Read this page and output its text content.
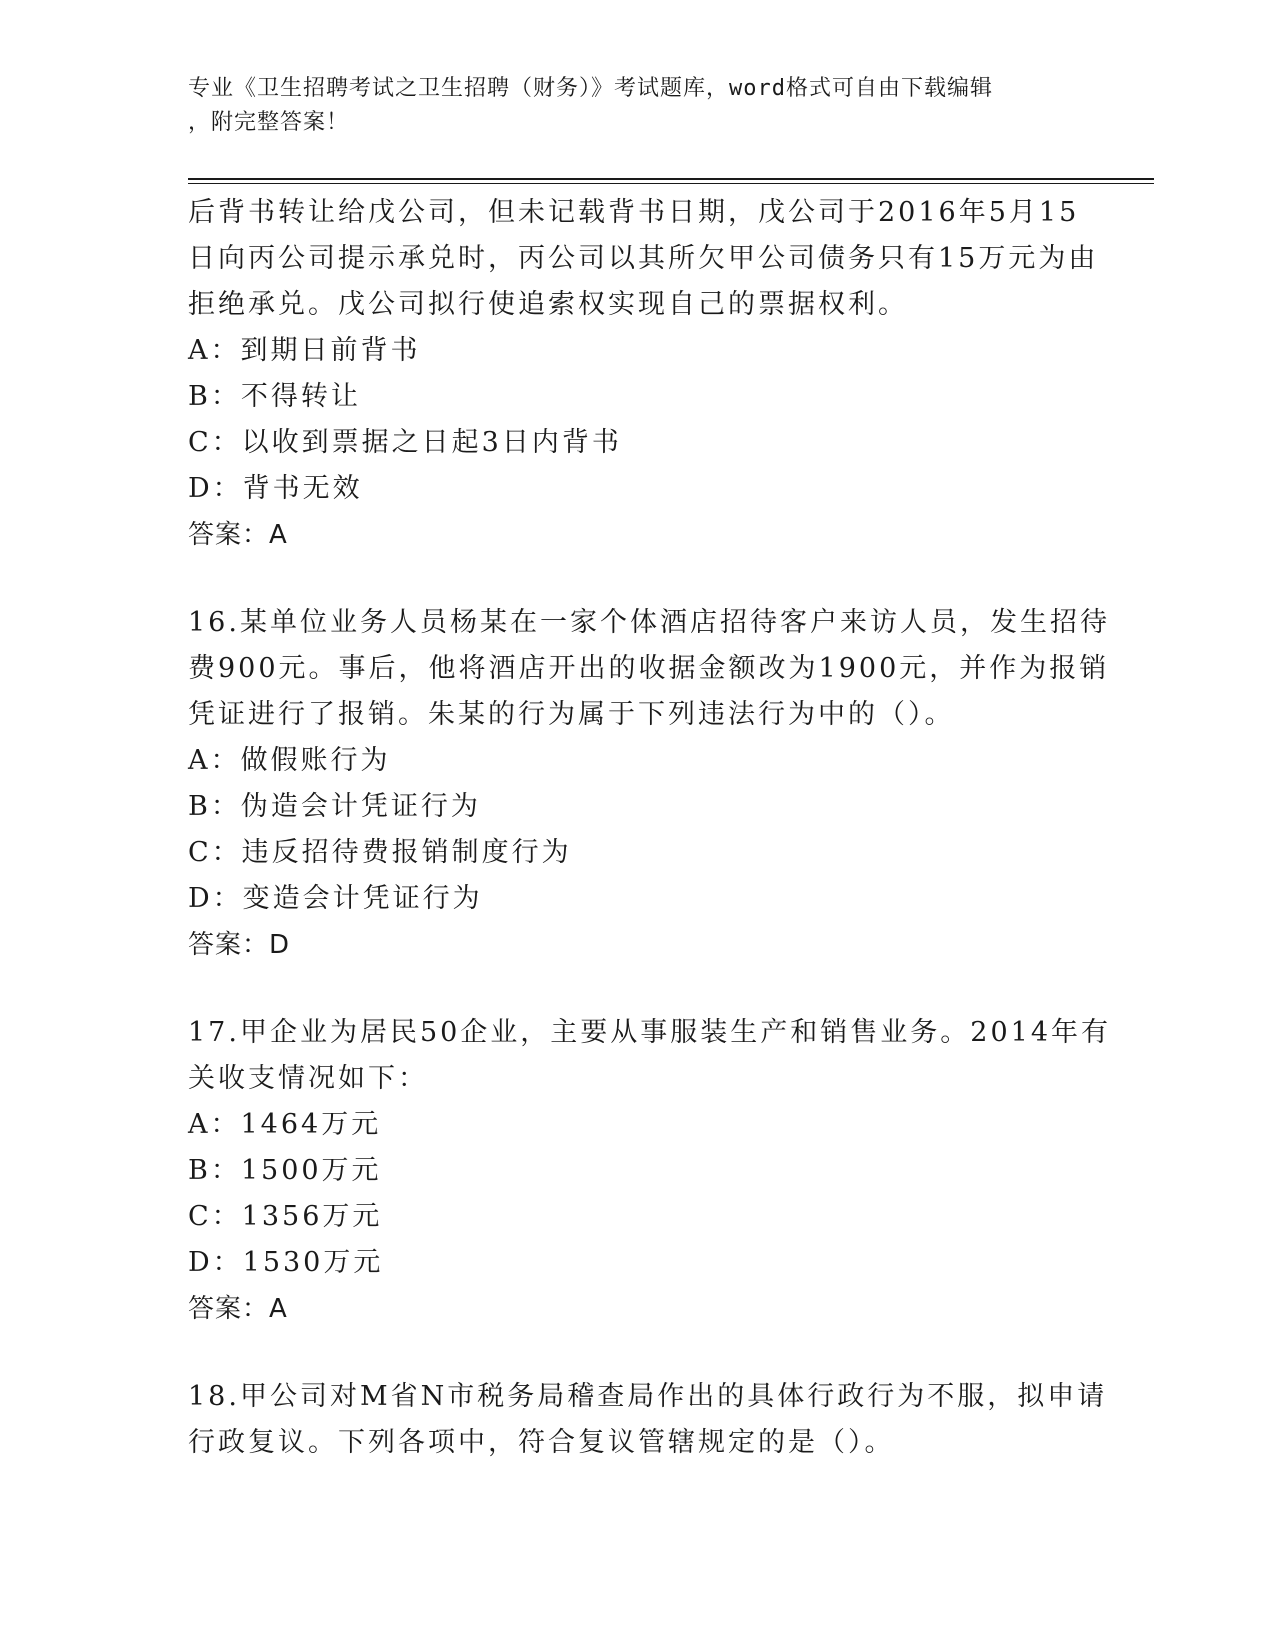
专业《卫生招聘考试之卫生招聘（财务）》考试题库，word格式可自由下载编辑
，附完整答案！
后背书转让给戊公司，但未记载背书日期，戊公司于2016年5月15
日向丙公司提示承兑时，丙公司以其所欠甲公司债务只有15万元为由
拒绝承兑。戊公司拟行使追索权实现自己的票据权利。
A：到期日前背书
B：不得转让
C：以收到票据之日起3日内背书
D：背书无效
答案：A
16.某单位业务人员杨某在一家个体酒店招待客户来访人员，发生招待
费900元。事后，他将酒店开出的收据金额改为1900元，并作为报销
凭证进行了报销。朱某的行为属于下列违法行为中的（）。
A：做假账行为
B：伪造会计凭证行为
C：违反招待费报销制度行为
D：变造会计凭证行为
答案：D
17.甲企业为居民50企业，主要从事服装生产和销售业务。2014年有
关收支情况如下：
A：1464万元
B：1500万元
C：1356万元
D：1530万元
答案：A
18.甲公司对M省N市税务局稽查局作出的具体行政行为不服，拟申请
行政复议。下列各项中，符合复议管辖规定的是（）。
